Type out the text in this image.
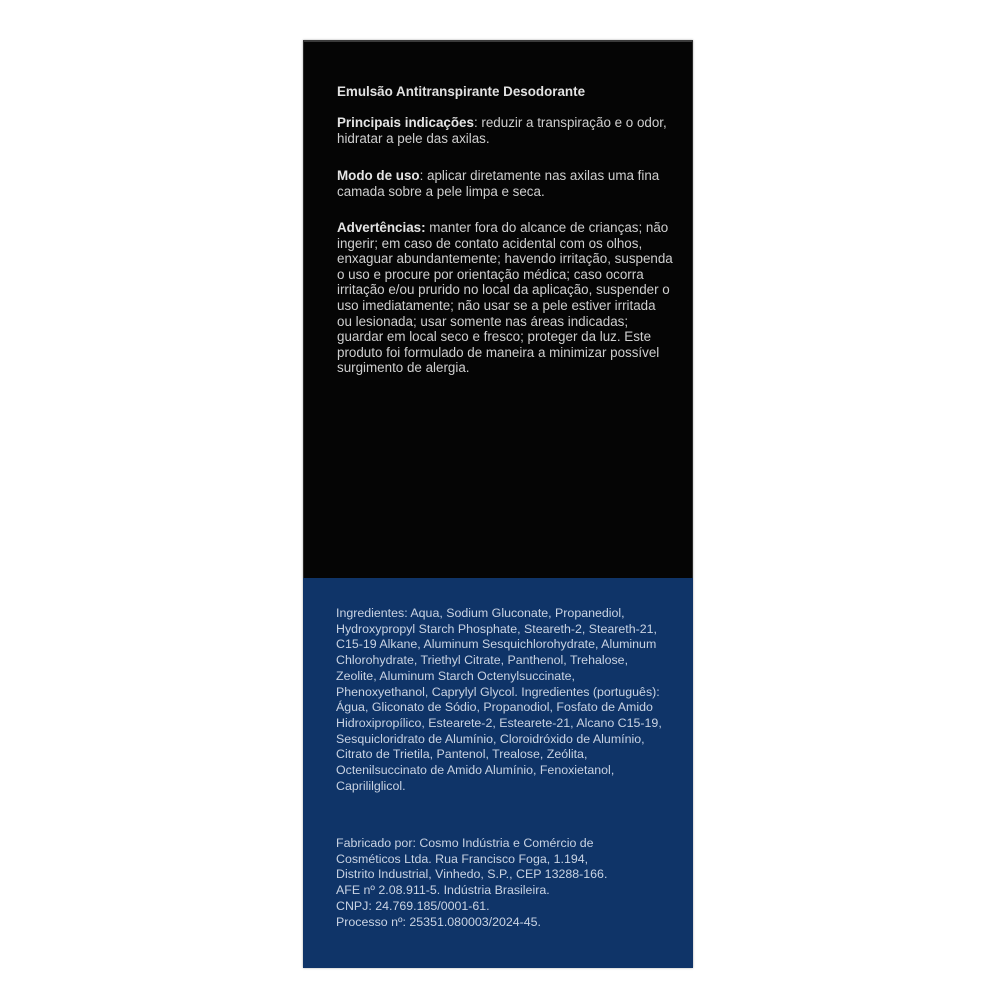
Emulsão Antitranspirante Desodorante

Principais indicações: reduzir a transpiração e o odor, hidratar a pele das axilas.

Modo de uso: aplicar diretamente nas axilas uma fina camada sobre a pele limpa e seca.

Advertências: manter fora do alcance de crianças; não ingerir; em caso de contato acidental com os olhos, enxaguar abundantemente; havendo irritação, suspenda o uso e procure por orientação médica; caso ocorra irritação e/ou prurido no local da aplicação, suspender o uso imediatamente; não usar se a pele estiver irritada ou lesionada; usar somente nas áreas indicadas; guardar em local seco e fresco; proteger da luz. Este produto foi formulado de maneira a minimizar possível surgimento de alergia.

Ingredientes: Aqua, Sodium Gluconate, Propanediol, Hydroxypropyl Starch Phosphate, Steareth-2, Steareth-21, C15-19 Alkane, Aluminum Sesquichlorohydrate, Aluminum Chlorohydrate, Triethyl Citrate, Panthenol, Trehalose, Zeolite, Aluminum Starch Octenylsuccinate, Phenoxyethanol, Caprylyl Glycol. Ingredientes (português): Água, Gliconato de Sódio, Propanodiol, Fosfato de Amido Hidroxipropílico, Estearete-2, Estearete-21, Alcano C15-19, Sesquicloridrato de Alumínio, Cloroidróxido de Alumínio, Citrato de Trietila, Pantenol, Trealose, Zeólita, Octenilsuccinato de Amido Alumínio, Fenoxietanol, Caprililglicol.
Fabricado por: Cosmo Indústria e Comércio de
Cosméticos Ltda. Rua Francisco Foga, 1.194,
Distrito Industrial, Vinhedo, S.P., CEP 13288-166.
AFE nº 2.08.911-5. Indústria Brasileira.
CNPJ: 24.769.185/0001-61.
Processo nº: 25351.080003/2024-45.
